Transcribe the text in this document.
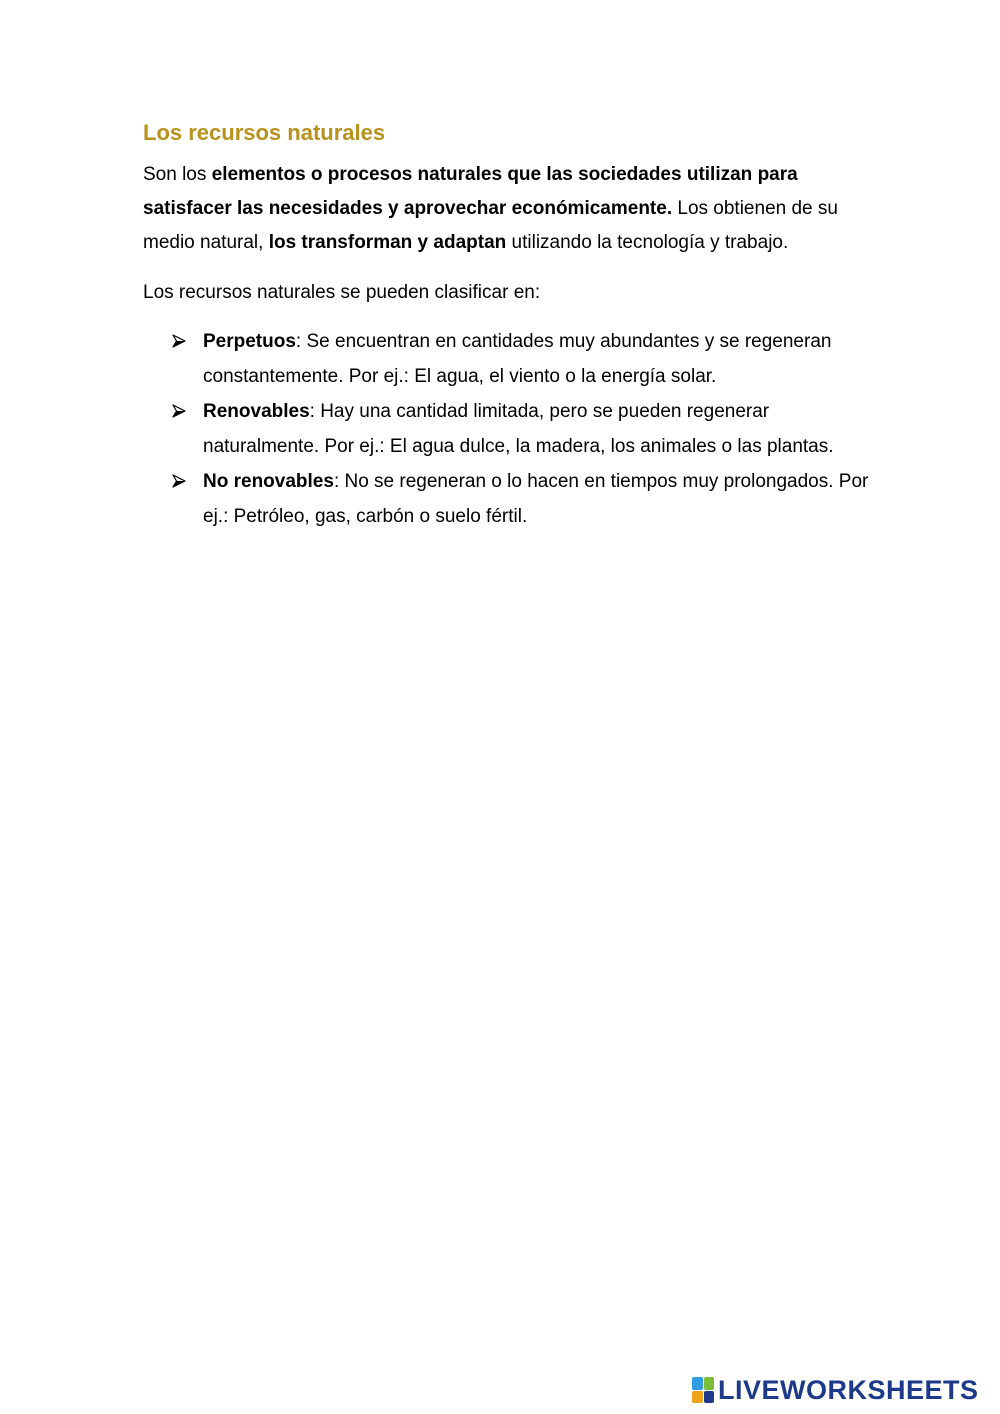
Los recursos naturales

Son los elementos o procesos naturales que las sociedades utilizan para satisfacer las necesidades y aprovechar económicamente. Los obtienen de su medio natural, los transforman y adaptan utilizando la tecnología y trabajo.

Los recursos naturales se pueden clasificar en:

Perpetuos: Se encuentran en cantidades muy abundantes y se regeneran constantemente. Por ej.: El agua, el viento o la energía solar.
Renovables: Hay una cantidad limitada, pero se pueden regenerar naturalmente. Por ej.: El agua dulce, la madera, los animales o las plantas.
No renovables: No se regeneran o lo hacen en tiempos muy prolongados. Por ej.: Petróleo, gas, carbón o suelo fértil.
LIVEWORKSHEETS
